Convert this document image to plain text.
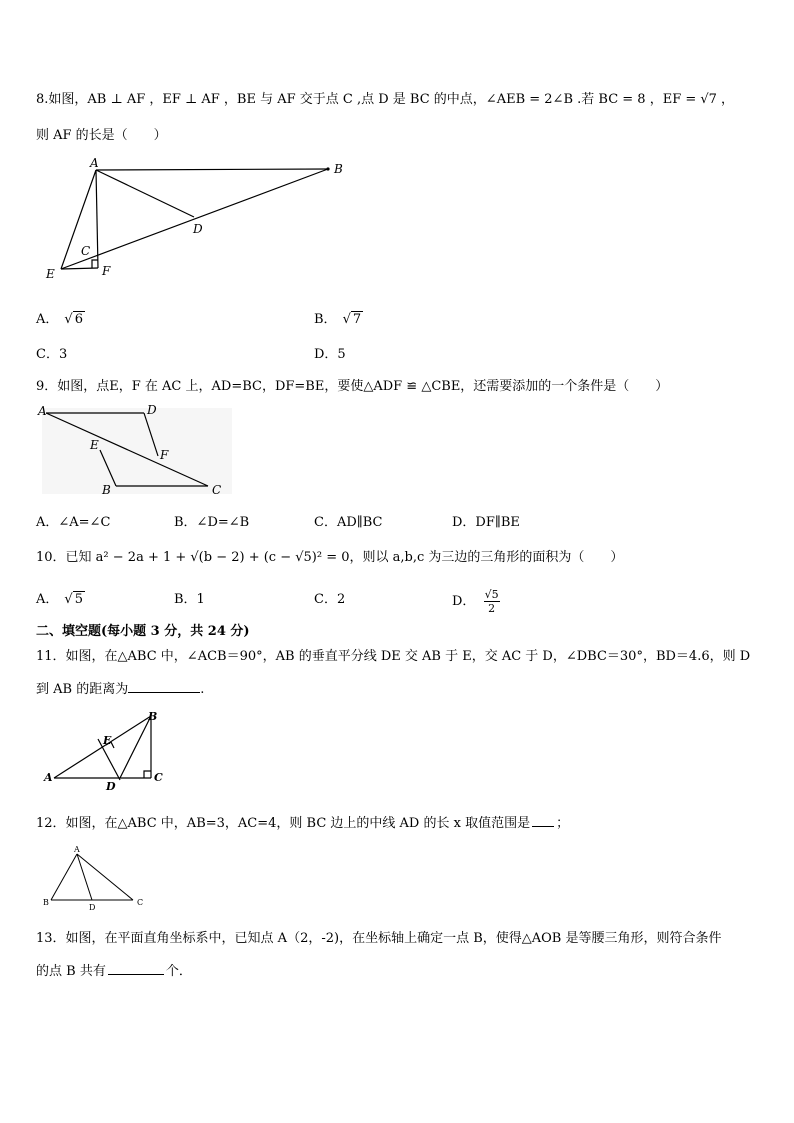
8.如图，AB ⊥ AF ，EF ⊥ AF ，BE 与 AF 交于点 C ,点 D 是 BC 的中点，∠AEB = 2∠B .若 BC = 8 ，EF = √7 ，
则 AF 的长是（　　）
A	B
C
D
E	F
A． √ 6	B． √ 7
C．3	D．5
9．如图，点E，F 在 AC 上，AD=BC，DF=BE，要使△ADF ≌ △CBE，还需要添加的一个条件是（　　）
A	D
E
F
B	C
A．∠A=∠C	B．∠D=∠B	C．AD∥BC	D．DF∥BE
10．已知 a² − 2a + 1 + √(b − 2) + (c − √5)² = 0，则以 a,b,c 为三边的三角形的面积为（　　）
A． √ 5	B．1	C．2	D． $\frac{√5}{2}$
二、填空题(每小题 3 分，共 24 分)
11．如图，在△ABC 中，∠ACB＝90°，AB 的垂直平分线 DE 交 AB 于 E，交 AC 于 D，∠DBC＝30°，BD＝4.6，则 D
到 AB 的距离为	.
B
E
A
D
C
12．如图，在△ABC 中，AB=3，AC=4，则 BC 边上的中线 AD 的长 x 取值范围是 ；
A
B
D
C
13．如图，在平面直角坐标系中，已知点 A（2，-2)，在坐标轴上确定一点 B，使得△AOB 是等腰三角形，则符合条件
的点 B 共有	个．
